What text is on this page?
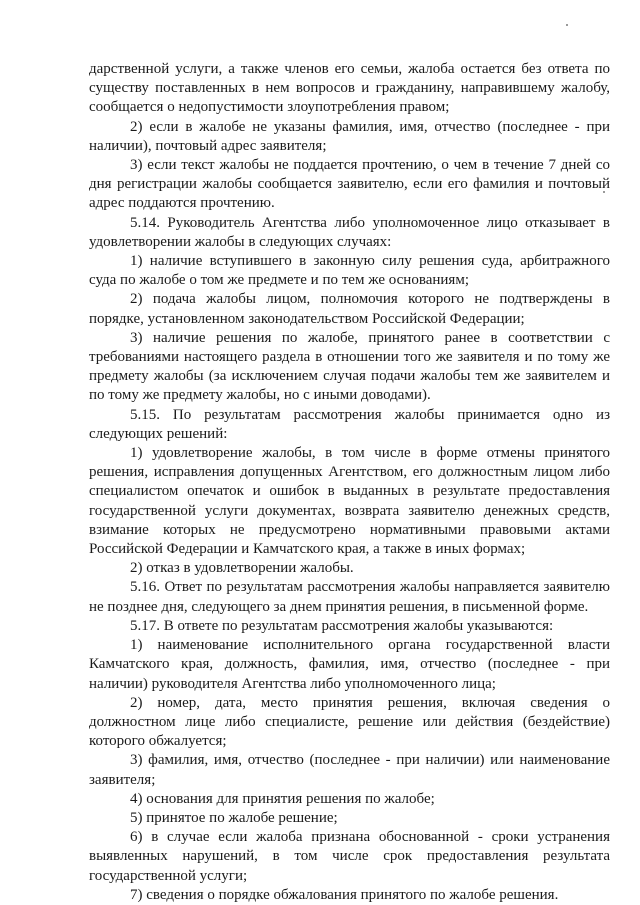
дарственной услуги, а также членов его семьи, жалоба остается без ответа по существу поставленных в нем вопросов и гражданину, направившему жалобу, сообщается о недопустимости злоупотребления правом;

2) если в жалобе не указаны фамилия, имя, отчество (последнее - при наличии), почтовый адрес заявителя;

3) если текст жалобы не поддается прочтению, о чем в течение 7 дней со дня регистрации жалобы сообщается заявителю, если его фамилия и почтовый адрес поддаются прочтению.

5.14. Руководитель Агентства либо уполномоченное лицо отказывает в удовлетворении жалобы в следующих случаях:

1) наличие вступившего в законную силу решения суда, арбитражного суда по жалобе о том же предмете и по тем же основаниям;

2) подача жалобы лицом, полномочия которого не подтверждены в порядке, установленном законодательством Российской Федерации;

3) наличие решения по жалобе, принятого ранее в соответствии с требованиями настоящего раздела в отношении того же заявителя и по тому же предмету жалобы (за исключением случая подачи жалобы тем же заявителем и по тому же предмету жалобы, но с иными доводами).

5.15. По результатам рассмотрения жалобы принимается одно из следующих решений:

1) удовлетворение жалобы, в том числе в форме отмены принятого решения, исправления допущенных Агентством, его должностным лицом либо специалистом опечаток и ошибок в выданных в результате предоставления государственной услуги документах, возврата заявителю денежных средств, взимание которых не предусмотрено нормативными правовыми актами Российской Федерации и Камчатского края, а также в иных формах;

2) отказ в удовлетворении жалобы.

5.16. Ответ по результатам рассмотрения жалобы направляется заявителю не позднее дня, следующего за днем принятия решения, в письменной форме.

5.17. В ответе по результатам рассмотрения жалобы указываются:

1) наименование исполнительного органа государственной власти Камчатского края, должность, фамилия, имя, отчество (последнее - при наличии) руководителя Агентства либо уполномоченного лица;

2) номер, дата, место принятия решения, включая сведения о должностном лице либо специалисте, решение или действия (бездействие) которого обжалуется;

3) фамилия, имя, отчество (последнее - при наличии) или наименование заявителя;

4) основания для принятия решения по жалобе;

5) принятое по жалобе решение;

6) в случае если жалоба признана обоснованной - сроки устранения выявленных нарушений, в том числе срок предоставления результата государственной услуги;

7) сведения о порядке обжалования принятого по жалобе решения.
